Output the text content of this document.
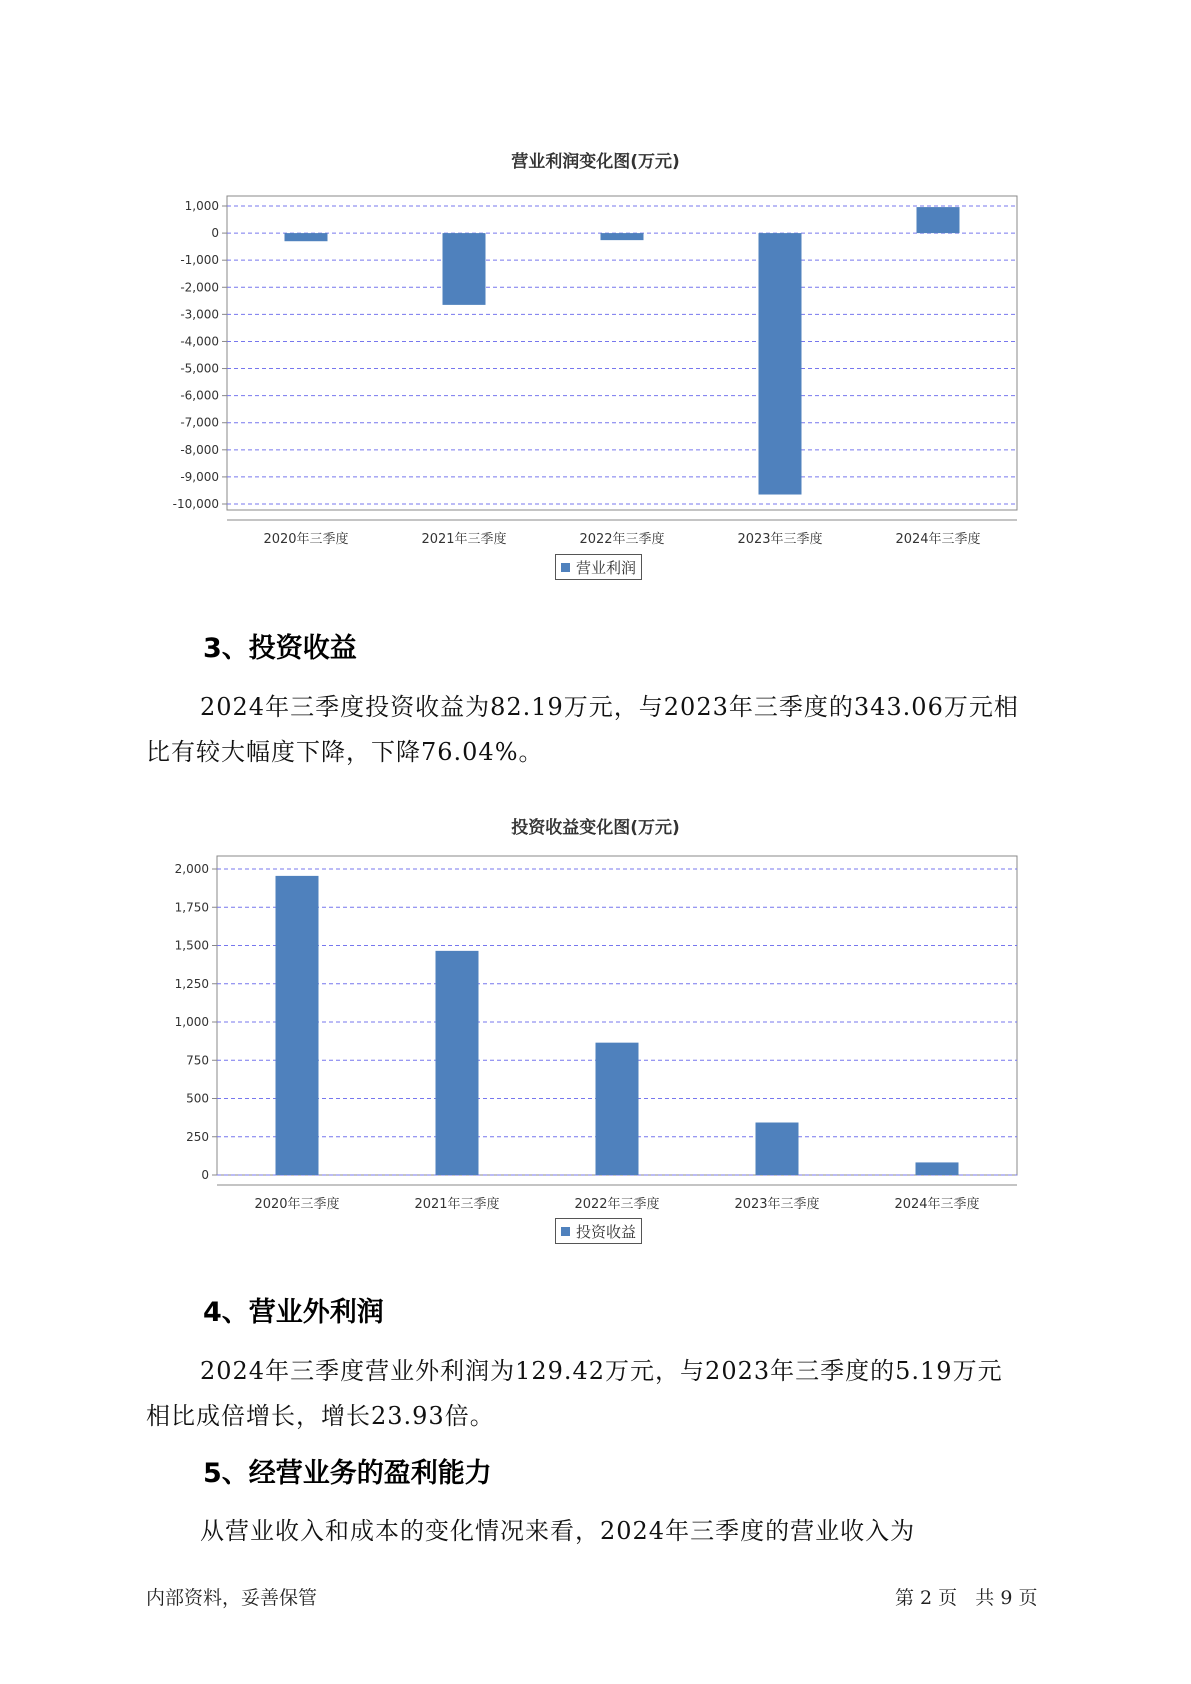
营业利润变化图(万元)
1,000
0
-1,000
-2,000
-3,000
-4,000
-5,000
-6,000
-7,000
-8,000
-9,000
-10,000
2020年三季度	2021年三季度	2022年三季度	2023年三季度	2024年三季度
营业利润
3、投资收益
2024年三季度投资收益为82.19万元，与2023年三季度的343.06万元相
比有较大幅度下降，下降76.04%。
投资收益变化图(万元)
2,000
1,750
1,500
1,250
1,000
750
500
250
0
2020年三季度	2021年三季度	2022年三季度	2023年三季度	2024年三季度
投资收益
4、营业外利润
2024年三季度营业外利润为129.42万元，与2023年三季度的5.19万元
相比成倍增长，增长23.93倍。
5、经营业务的盈利能力
从营业收入和成本的变化情况来看，2024年三季度的营业收入为
内部资料，妥善保管	第 2 页   共 9 页
